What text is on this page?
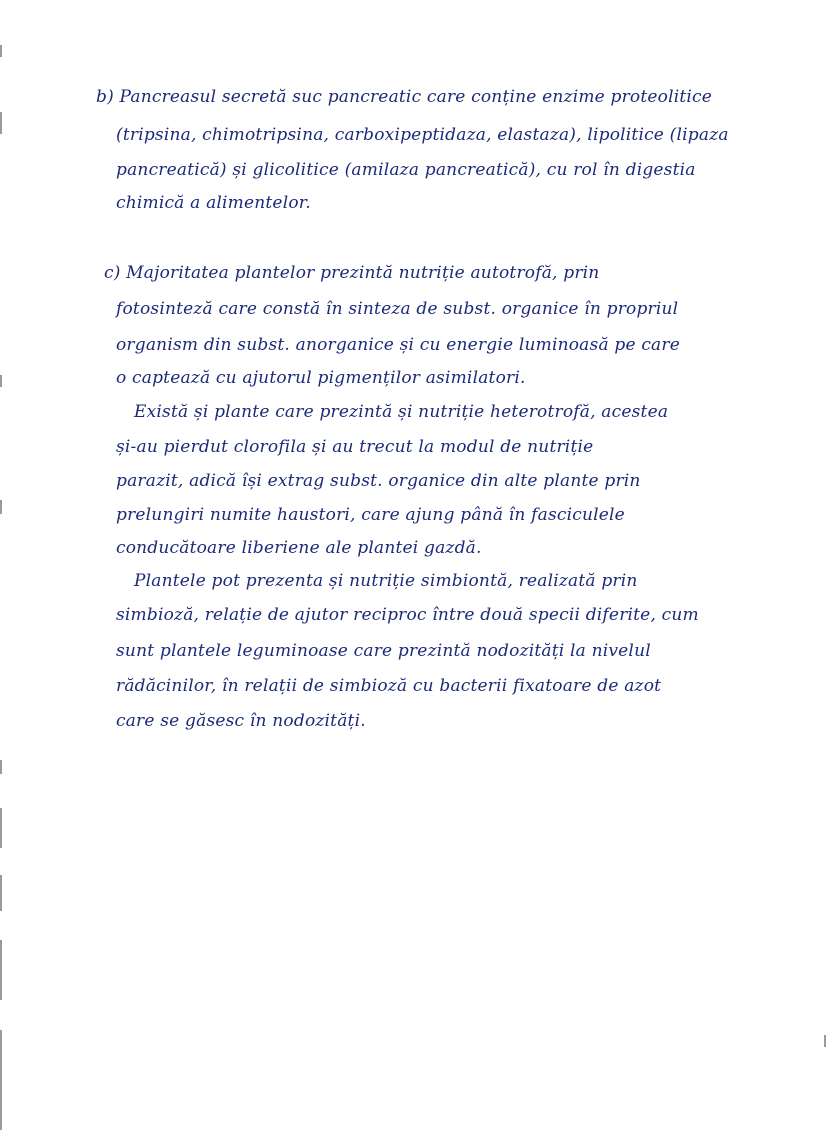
b) Pancreasul secretă suc pancreatic care conține enzime proteolitice
(tripsina, chimotripsina, carboxipeptidaza, elastaza), lipolitice (lipaza
pancreatică) și glicolitice (amilaza pancreatică), cu rol în digestia
chimică a alimentelor.
c) Majoritatea plantelor prezintă nutriție autotrofă, prin
fotosinteză care constă în sinteza de subst. organice în propriul
organism din subst. anorganice și cu energie luminoasă pe care
o captează cu ajutorul pigmenților asimilatori.
Există și plante care prezintă și nutriție heterotrofă, acestea
și-au pierdut clorofila și au trecut la modul de nutriție
parazit, adică își extrag subst. organice din alte plante prin
prelungiri numite haustori, care ajung până în fasciculele
conducătoare liberiene ale plantei gazdă.
Plantele pot prezenta și nutriție simbiontă, realizată prin
simbioză, relație de ajutor reciproc între două specii diferite, cum
sunt plantele leguminoase care prezintă nodozități la nivelul
rădăcinilor, în relații de simbioză cu bacterii fixatoare de azot
care se găsesc în nodozități.
